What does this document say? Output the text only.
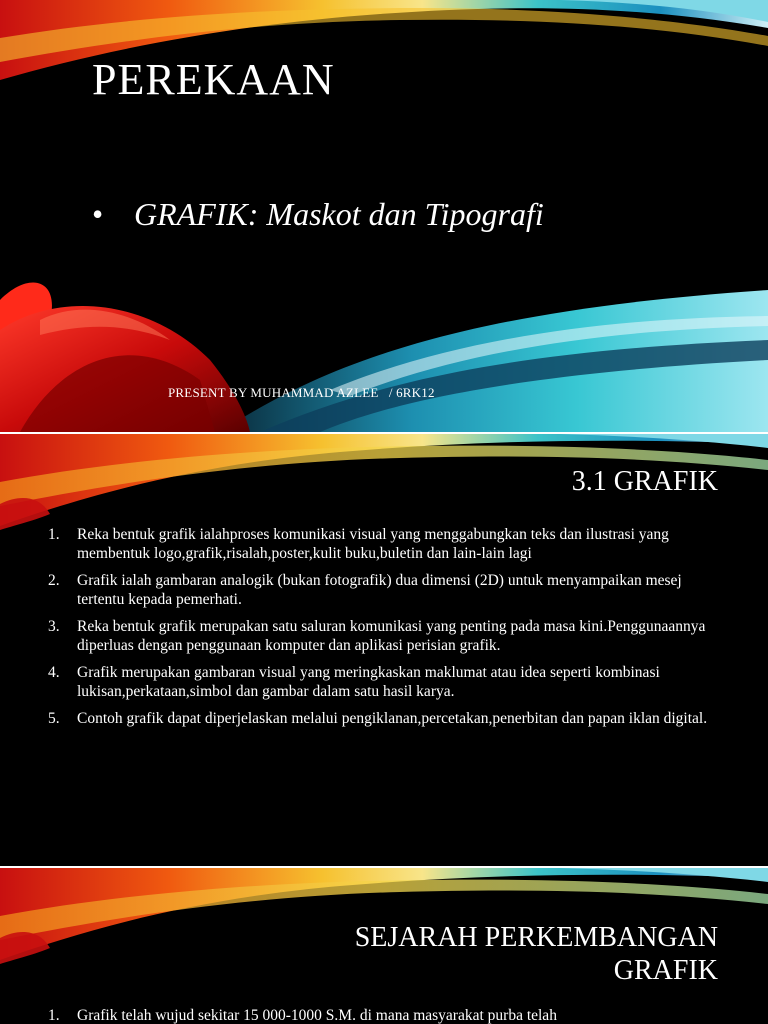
PEREKAAN
• GRAFIK: Maskot dan Tipografi
PRESENT BY MUHAMMAD AZLEE   / 6RK12
3.1 GRAFIK
1. Reka bentuk grafik ialahproses komunikasi visual yang menggabungkan teks dan ilustrasi yang membentuk logo,grafik,risalah,poster,kulit buku,buletin dan lain-lain lagi
2. Grafik ialah gambaran analogik (bukan fotografik) dua dimensi (2D) untuk menyampaikan mesej tertentu kepada pemerhati.
3. Reka bentuk grafik merupakan satu saluran komunikasi yang penting pada masa kini.Penggunaannya diperluas dengan penggunaan komputer dan aplikasi perisian grafik.
4. Grafik merupakan gambaran visual yang meringkaskan maklumat atau idea seperti kombinasi lukisan,perkataan,simbol dan gambar dalam satu hasil karya.
5. Contoh grafik dapat diperjelaskan melalui pengiklanan,percetakan,penerbitan dan papan iklan digital.
SEJARAH PERKEMBANGAN
GRAFIK
1. Grafik telah wujud sekitar 15 000-1000 S.M. di mana masyarakat purba telah
